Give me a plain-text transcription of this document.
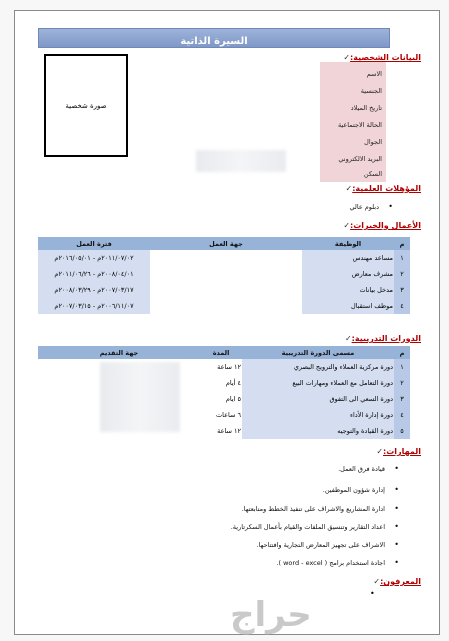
السيرة الذاتية
البيانات الشخصية:✓
صورة شخصية
الاسم
الجنسية
تاريخ الميلاد
الحالة الاجتماعية
الجوال
البريد الالكتروني
السكن
المؤهلات العلمية:✓
دبلوم عالي •
الأعمال والخبرات:✓
م	الوظيفة	جهة العمل	فترة العمل
١	مساعد مهندس		٢٠١١/٠٧/٠٢م - ٢٠١٦/٠٥/٠١م
٢	مشرف معارض		٢٠٠٨/٠٤/٠١م - ٢٠١١/٠٦/٢٦م
٣	مدخل بيانات		٢٠٠٧/٠٣/١٧م - ٢٠٠٨/٠٣/٢٩م
٤	موظف استقبال		٢٠٠٦/١١/٠٧م - ٢٠٠٧/٠٣/١٥م
الدورات التدريبية:✓
م	مسمى الدورة التدريبية	المدة	جهة التقديم
١	دورة مركزية العملاء والترويج البصري	١٢ ساعة	
٢	دورة التعامل مع العملاء ومهارات البيع	٤ أيام	
٣	دورة السعي الى التفوق	٥ ايام	
٤	دورة إدارة الأداء	٦ ساعات	
٥	دورة القيادة والتوجيه	١٢ ساعة	
المهارات:✓
قيادة فرق العمل. •
إدارة شؤون الموظفين. •
ادارة المشاريع والاشراف على تنفيذ الخطط ومتابعتها. •
اعداد التقارير وتنسيق الملفات والقيام بأعمال السكرتارية. •
الاشراف على تجهيز المعارض التجارية وافتتاحها. •
اجادة استخدام برامج ( word - excel ). •
المعرفون:✓
•
حراج
